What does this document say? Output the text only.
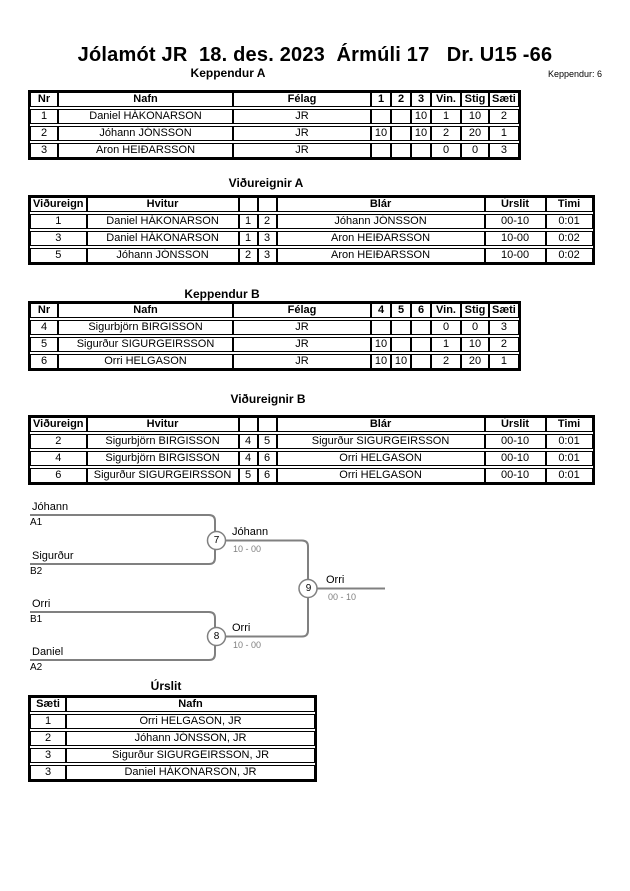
Jólamót JR  18. des. 2023  Ármúli 17   Dr. U15 -66
Keppendur: 6
Keppendur A
Nr	Nafn	Félag	1	2	3	Vin.	Stig	Sæti
1	Daniel HÁKONARSON	JR			10	1	10	2
2	Jóhann JÓNSSON	JR	10		10	2	20	1
3	Aron HEIÐARSSON	JR				0	0	3
Viðureignir A
Viðureign	Hvitur			Blár	Úrslit	Timi
1	Daniel HÁKONARSON	1	2	Jóhann JÓNSSON	00-10	0:01
3	Daniel HÁKONARSON	1	3	Aron HEIÐARSSON	10-00	0:02
5	Jóhann JÓNSSON	2	3	Aron HEIÐARSSON	10-00	0:02
Keppendur B
Nr	Nafn	Félag	4	5	6	Vin.	Stig	Sæti
4	Sigurbjörn BIRGISSON	JR				0	0	3
5	Sigurður SIGURGEIRSSON	JR	10			1	10	2
6	Orri HELGASON	JR	10	10		2	20	1
Viðureignir B
Viðureign	Hvitur			Blár	Úrslit	Timi
2	Sigurbjörn BIRGISSON	4	5	Sigurður SIGURGEIRSSON	00-10	0:01
4	Sigurbjörn BIRGISSON	4	6	Orri HELGASON	00-10	0:01
6	Sigurður SIGURGEIRSSON	5	6	Orri HELGASON	00-10	0:01
Jóhann
A1
Sigurður
B2
Orri
B1
Daniel
A2
7
Jóhann
10 - 00
8
Orri
10 - 00
9
Orri
00 - 10
Úrslit
Sæti	Nafn
1	Orri HELGASON, JR
2	Jóhann JÓNSSON, JR
3	Sigurður SIGURGEIRSSON, JR
3	Daniel HÁKONARSON, JR
